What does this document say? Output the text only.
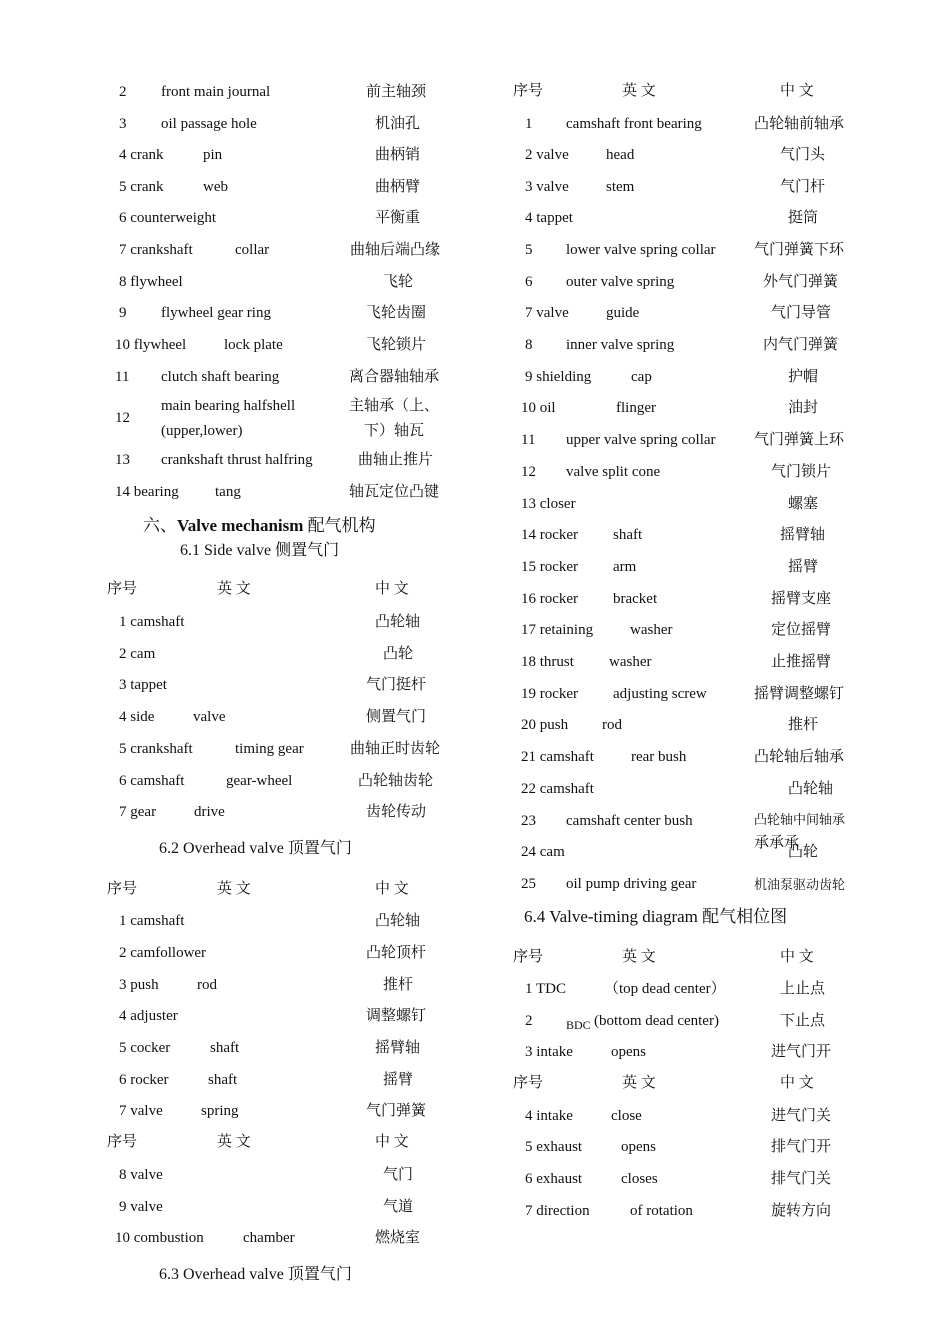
2 front main journal	前主轴颈
3 oil passage hole	机油孔
4 crank	pin	曲柄销
5 crank	web	曲柄臂
6 counterweight	平衡重
7 crankshaft	collar	曲轴后端凸缘
8 flywheel	飞轮
9 flywheel gear ring	飞轮齿圈
10 flywheel	lock plate	飞轮锁片
11 clutch shaft bearing	离合器轴轴承
12
main bearing halfshell	主轴承（上、
(upper,lower)	下）轴瓦
13 crankshaft thrust halfring	曲轴止推片
14 bearing tang	轴瓦定位凸键
六、Valve mechanism 配气机构
6.1 Side valve 侧置气门
序号	英 文	中 文
1 camshaft	凸轮轴
2 cam	凸轮
3 tappet	气门挺杆
4 side	valve	侧置气门
5 crankshaft	timing gear	曲轴正时齿轮
6 camshaft	gear-wheel	凸轮轴齿轮
7 gear	drive	齿轮传动
6.2 Overhead valve 顶置气门
序号	英 文	中 文
1 camshaft	凸轮轴
2 camfollower	凸轮顶杆
3 push	rod	推杆
4 adjuster	调整螺钉
5 cocker	shaft	摇臂轴
6 rocker	shaft	摇臂
7 valve	spring	气门弹簧
序号	英 文	中 文
8 valve	气门
9 valve	气道
10 combustion	chamber	燃烧室
6.3 Overhead valve 顶置气门
序号	英 文	中 文
1 camshaft front bearing	凸轮轴前轴承
2 valve head	气门头
3 valve stem	气门杆
4 tappet	挺筒
5 lower valve spring collar	气门弹簧下环
6 outer valve spring	外气门弹簧
7 valve guide	气门导管
8 inner valve spring	内气门弹簧
9 shielding	cap	护帽
10 oil	flinger	油封
11 upper valve spring collar	气门弹簧上环
12 valve split cone	气门锁片
13 closer	螺塞
14 rocker shaft	摇臂轴
15 rocker arm	摇臂
16 rocker bracket	摇臂支座
17 retaining washer	定位摇臂
18 thrust washer	止推摇臂
19 rocker adjusting screw	摇臂调整螺钉
20 push rod	推杆
21 camshaft rear bush	凸轮轴后轴承
22 camshaft	凸轮轴
23 camshaft center bush	凸轮轴中间轴承
承承承
24 cam	凸轮
25 oil pump driving gear	机油泵驱动齿轮
6.4 Valve-timing diagram 配气相位图
序号	英 文	中 文
1 TDC	（top dead center）	上止点
2	BDC (bottom dead center)	下止点
3 intake	opens	进气门开
序号	英 文	中 文
4 intake	close	进气门关
5 exhaust	opens	排气门开
6 exhaust	closes	排气门关
7 direction	of rotation	旋转方向
